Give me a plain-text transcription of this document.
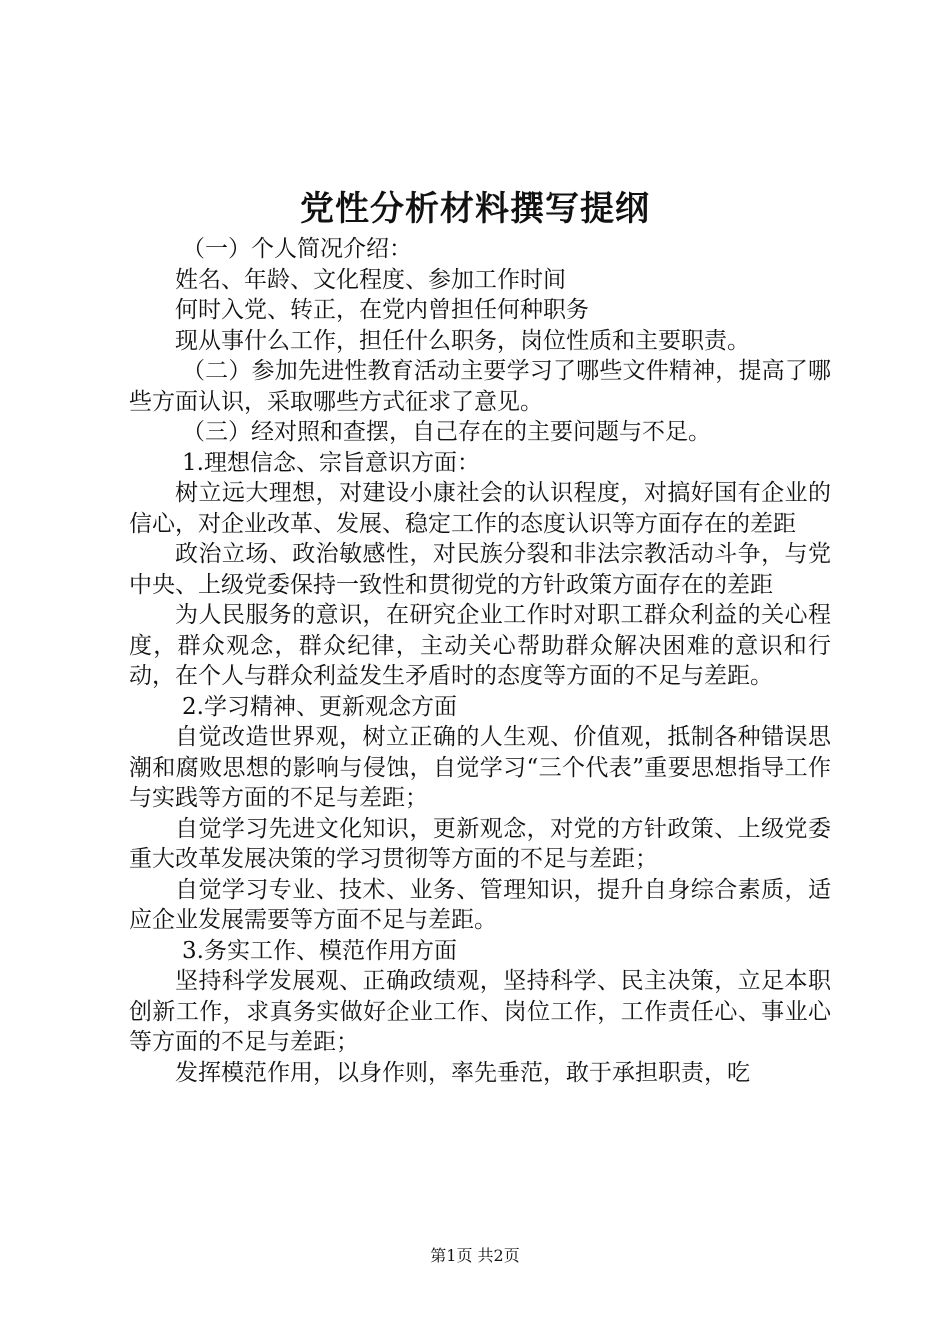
党性分析材料撰写提纲

（一）个人简况介绍：

姓名、年龄、文化程度、参加工作时间

何时入党、转正，在党内曾担任何种职务

现从事什么工作，担任什么职务，岗位性质和主要职责。

（二）参加先进性教育活动主要学习了哪些文件精神，提高了哪些方面认识，采取哪些方式征求了意见。

（三）经对照和查摆，自己存在的主要问题与不足。

1.理想信念、宗旨意识方面：

树立远大理想，对建设小康社会的认识程度，对搞好国有企业的信心，对企业改革、发展、稳定工作的态度认识等方面存在的差距

政治立场、政治敏感性，对民族分裂和非法宗教活动斗争，与党中央、上级党委保持一致性和贯彻党的方针政策方面存在的差距

为人民服务的意识，在研究企业工作时对职工群众利益的关心程度，群众观念，群众纪律，主动关心帮助群众解决困难的意识和行动，在个人与群众利益发生矛盾时的态度等方面的不足与差距。

2.学习精神、更新观念方面

自觉改造世界观，树立正确的人生观、价值观，抵制各种错误思潮和腐败思想的影响与侵蚀，自觉学习“三个代表”重要思想指导工作与实践等方面的不足与差距；

自觉学习先进文化知识，更新观念，对党的方针政策、上级党委重大改革发展决策的学习贯彻等方面的不足与差距；

自觉学习专业、技术、业务、管理知识，提升自身综合素质，适应企业发展需要等方面不足与差距。

3.务实工作、模范作用方面

坚持科学发展观、正确政绩观，坚持科学、民主决策，立足本职创新工作，求真务实做好企业工作、岗位工作，工作责任心、事业心等方面的不足与差距；

发挥模范作用，以身作则，率先垂范，敢于承担职责，吃

第1页 共2页
